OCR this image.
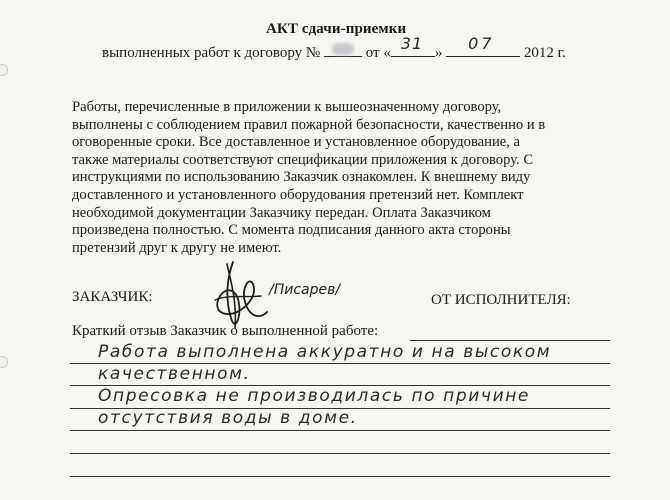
АКТ сдачи-приемки
выполненных работ к договору №	от « 31 » 07 2012 г.
Работы, перечисленные в приложении к вышеозначенному договору,
выполнены с соблюдением правил пожарной безопасности, качественно и в
оговоренные сроки. Все доставленное и установленное оборудование, а
также материалы соответствуют спецификации приложения к договору. С
инструкциями по использованию Заказчик ознакомлен. К внешнему виду
доставленного и установленного оборудования претензий нет. Комплект
необходимой документации Заказчику передан. Оплата Заказчиком
произведена полностью. С момента подписания данного акта стороны
претензий друг к другу не имеют.
ЗАКАЗЧИК:	/Писарев/
ОТ ИСПОЛНИТЕЛЯ:
Краткий отзыв Заказчик о выполненной работе:
Работа выполнена аккуратно и на высоком
качественном.
Опресовка не производилась по причине
отсутствия воды в доме.
